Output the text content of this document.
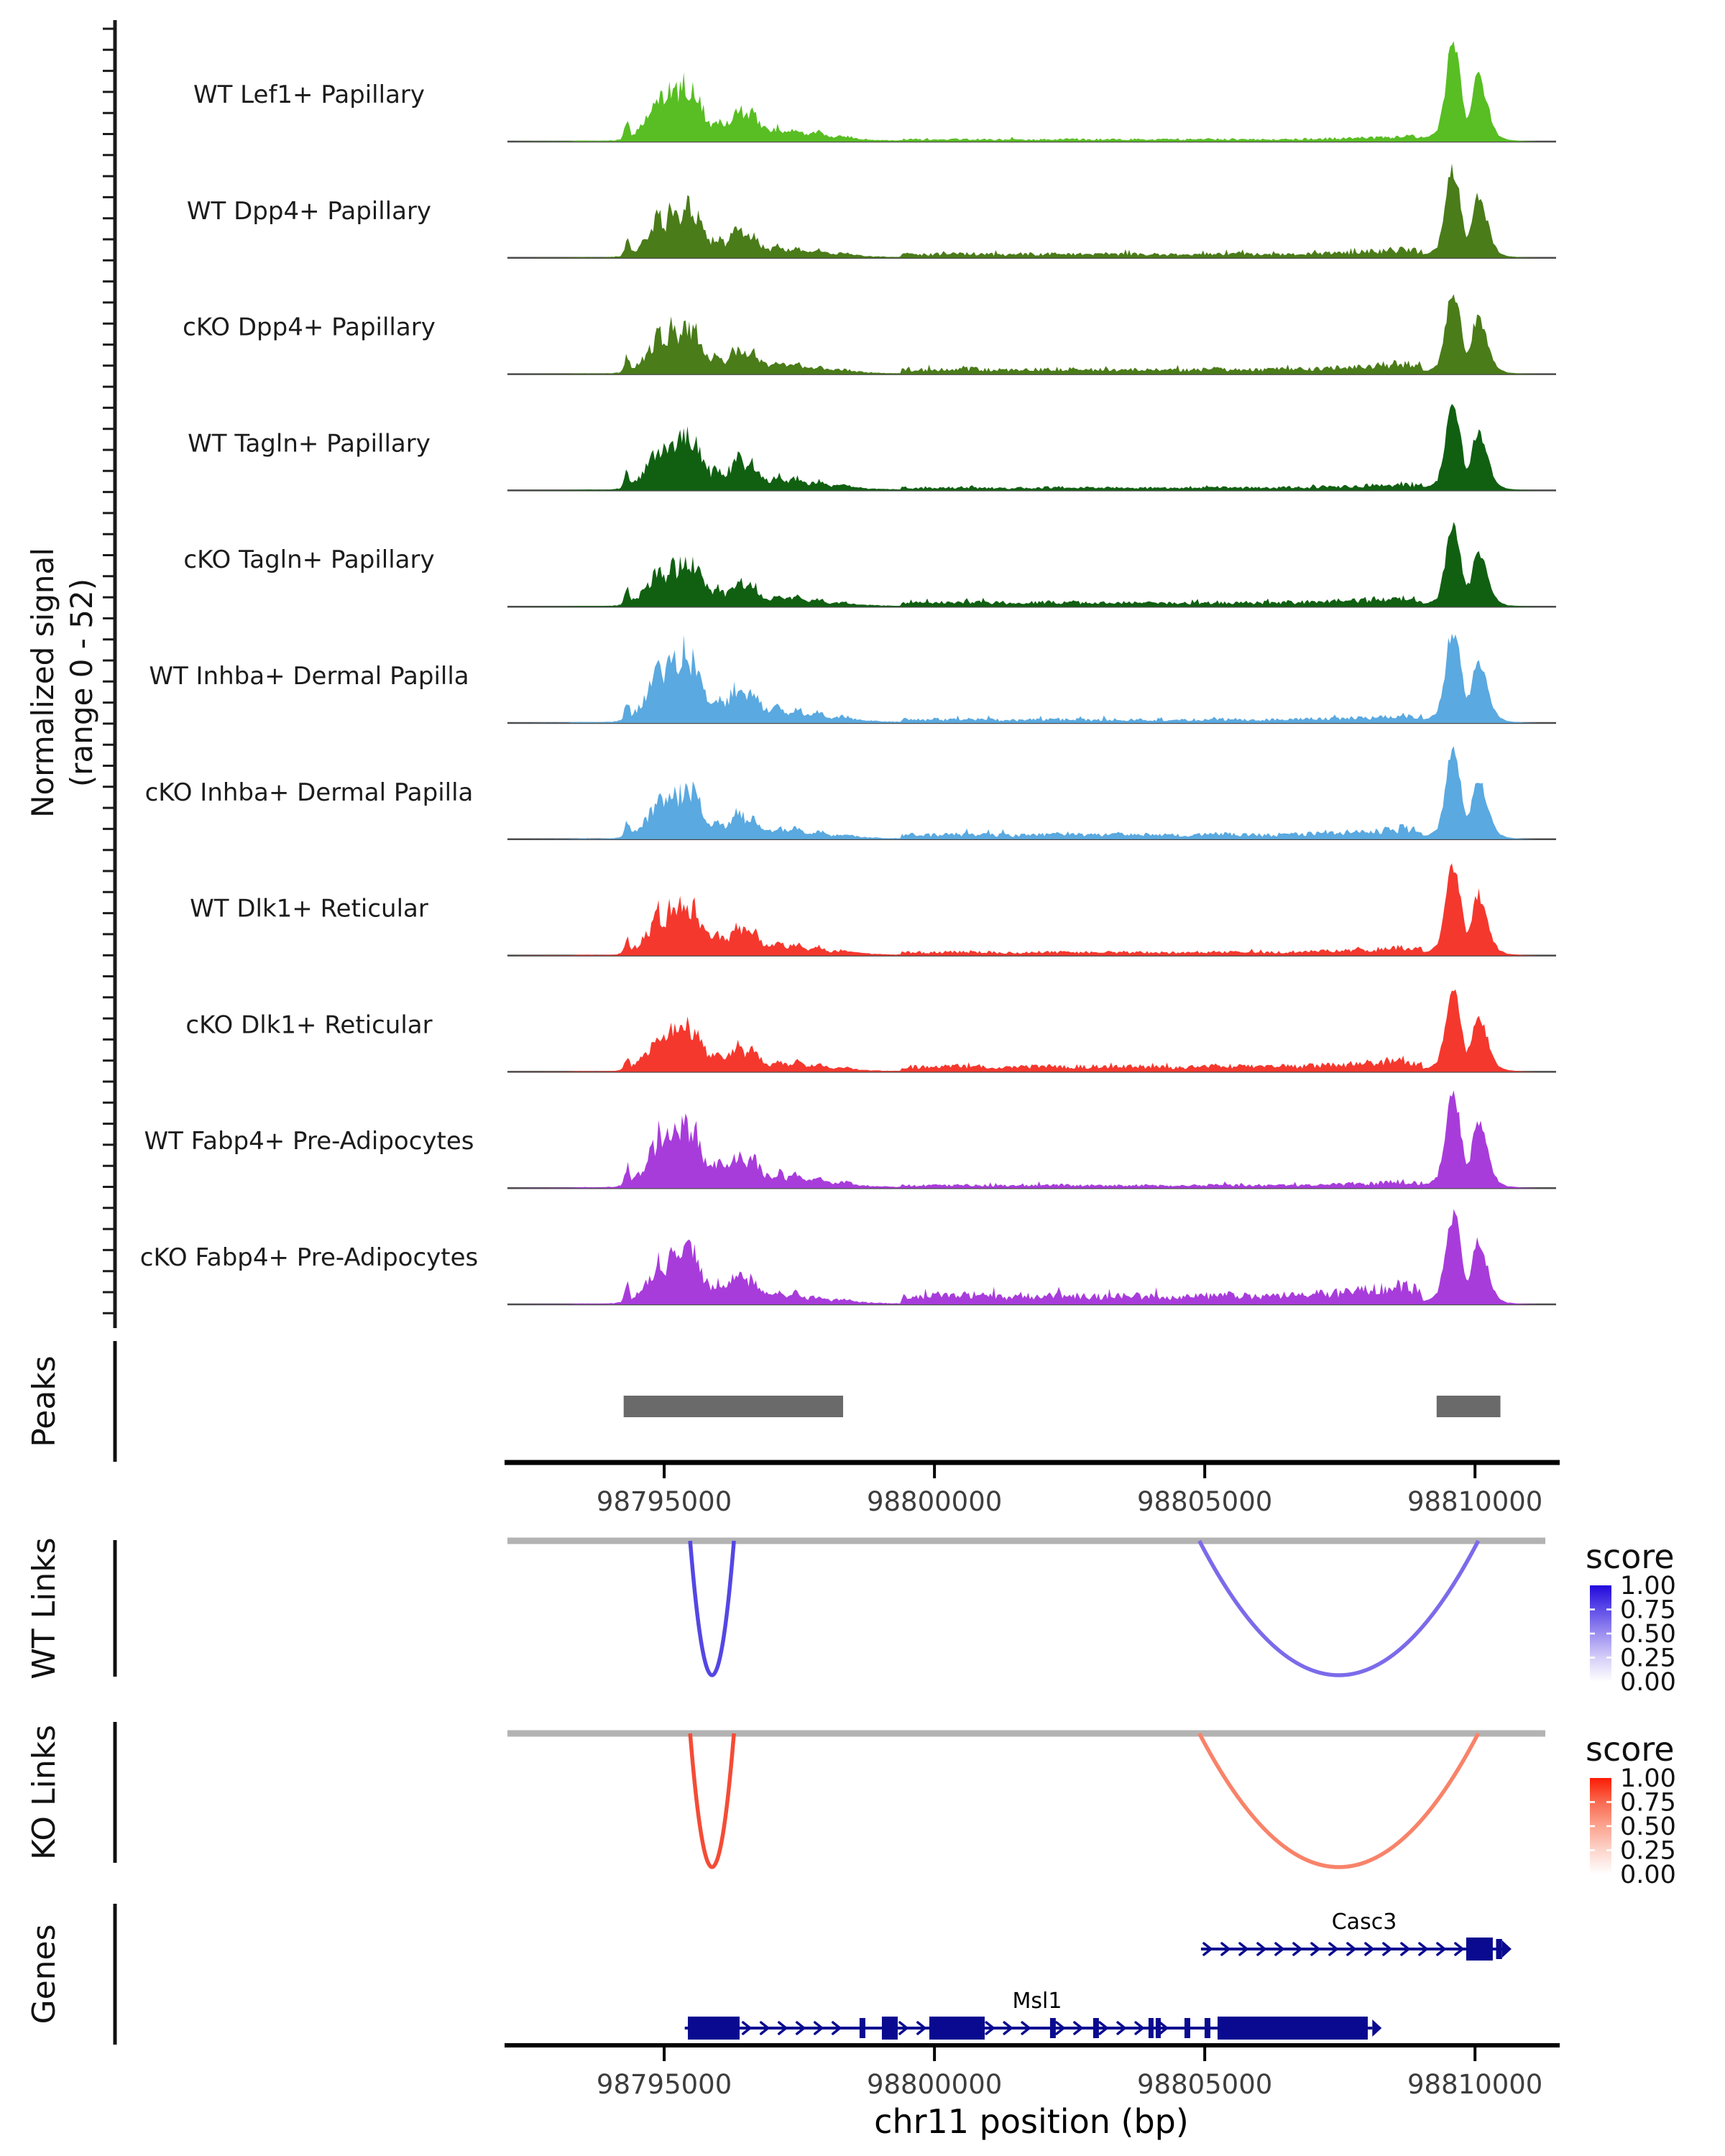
Normalized signal (range 0 - 52)
WT Lef1+ Papillary
WT Dpp4+ Papillary
cKO Dpp4+ Papillary
WT Tagln+ Papillary
cKO Tagln+ Papillary
WT Inhba+ Dermal Papilla
cKO Inhba+ Dermal Papilla
WT Dlk1+ Reticular
cKO Dlk1+ Reticular
WT Fabp4+ Pre-Adipocytes
cKO Fabp4+ Pre-Adipocytes
Peaks
98795000	98800000	98805000	98810000
WT Links	score
1.00
0.75
0.50
0.25
0.00
KO Links	score
1.00
0.75
0.50
0.25
0.00
Genes	Msl1
Casc3
98795000	98800000	98805000	98810000
chr11 position (bp)
